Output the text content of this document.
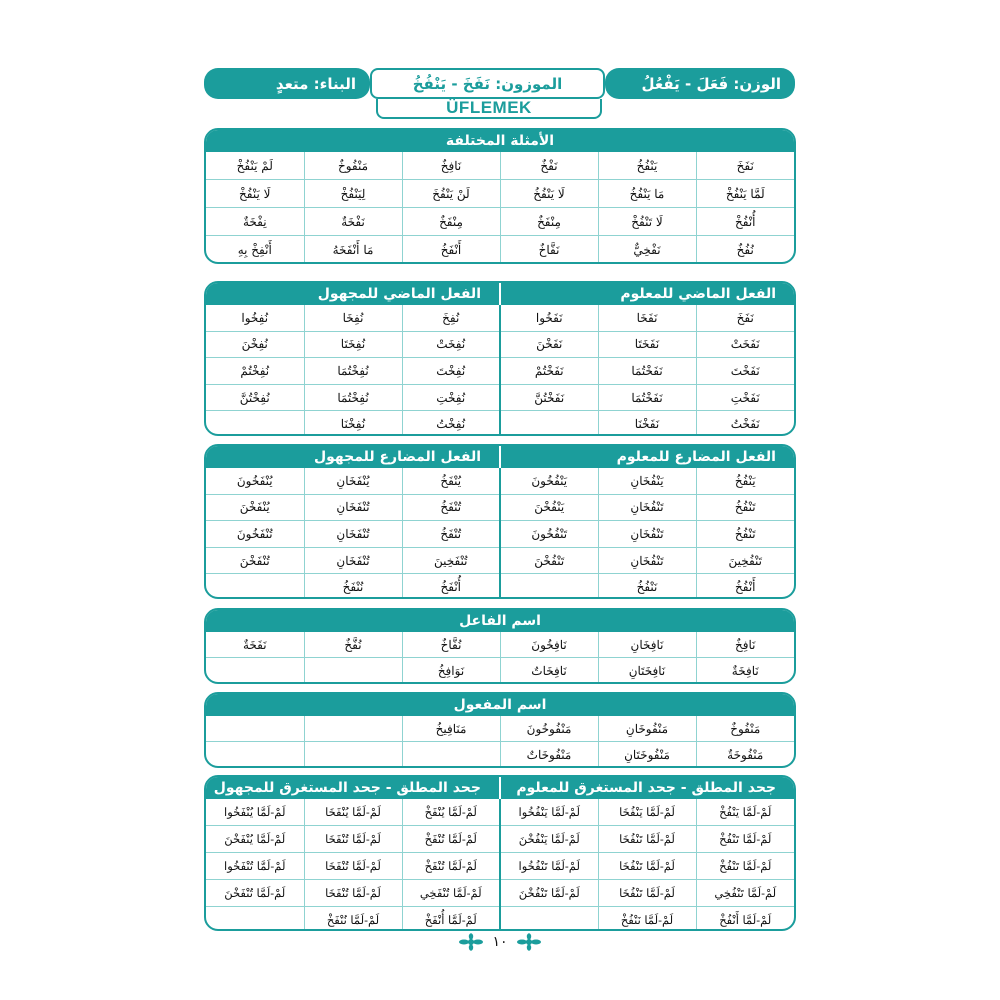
الوزن: فَعَلَ - يَفْعُلُ
الموزون: نَفَخَ - يَنْفُخُ
البناء: متعدٍ
ÜFLEMEK
الأمثلة المختلفة
نَفَخَ	يَنْفُخُ	نَفْخٌ	نَافِخٌ	مَنْفُوخٌ	لَمْ يَنْفُخْ
لَمَّا يَنْفُخْ	مَا يَنْفُخُ	لَا يَنْفُخُ	لَنْ يَنْفُخَ	لِيَنْفُخْ	لَا يَنْفُخْ
أُنْفُخْ	لَا تَنْفُخْ	مِنْفَخٌ	مِنْفَخٌ	نَفْخَةٌ	نِفْخَةٌ
نُفُخٌ	نَفْخِيٌّ	نَفَّاخٌ	أَنْفَخُ	مَا أَنْفَخَهُ	أَنْفِخْ بِهِ
الفعل الماضي للمعلوم
الفعل الماضي للمجهول
نَفَخَ	نَفَخَا	نَفَخُوا	نُفِخَ	نُفِخَا	نُفِخُوا
نَفَخَتْ	نَفَخَتَا	نَفَخْنَ	نُفِخَتْ	نُفِخَتَا	نُفِخْنَ
نَفَخْتَ	نَفَخْتُمَا	نَفَخْتُمْ	نُفِخْتَ	نُفِخْتُمَا	نُفِخْتُمْ
نَفَخْتِ	نَفَخْتُمَا	نَفَخْتُنَّ	نُفِخْتِ	نُفِخْتُمَا	نُفِخْتُنَّ
نَفَخْتُ	نَفَخْنَا		نُفِخْتُ	نُفِخْنَا	
الفعل المضارع للمعلوم
الفعل المضارع للمجهول
يَنْفُخُ	يَنْفُخَانِ	يَنْفُخُونَ	يُنْفَخُ	يُنْفَخَانِ	يُنْفَخُونَ
تَنْفُخُ	تَنْفُخَانِ	يَنْفُخْنَ	تُنْفَخُ	تُنْفَخَانِ	يُنْفَخْنَ
تَنْفُخُ	تَنْفُخَانِ	تَنْفُخُونَ	تُنْفَخُ	تُنْفَخَانِ	تُنْفَخُونَ
تَنْفُخِينَ	تَنْفُخَانِ	تَنْفُخْنَ	تُنْفَخِينَ	تُنْفَخَانِ	تُنْفَخْنَ
أَنْفُخُ	نَنْفُخُ		أُنْفَخُ	نُنْفَخُ	
اسم الفاعل
نَافِخٌ	نَافِخَانِ	نَافِخُونَ	نُفَّاخٌ	نُفَّخٌ	نَفَخَةٌ
نَافِخَةٌ	نَافِخَتَانِ	نَافِخَاتٌ	نَوَافِخُ		
اسم المفعول
مَنْفُوخٌ	مَنْفُوخَانِ	مَنْفُوخُونَ	مَنَافِيخُ		
مَنْفُوخَةٌ	مَنْفُوخَتَانِ	مَنْفُوخَاتٌ			
جحد المطلق - جحد المستغرق للمعلوم
جحد المطلق - جحد المستغرق للمجهول
لَمْ-لَمَّا يَنْفُخْ	لَمْ-لَمَّا يَنْفُخَا	لَمْ-لَمَّا يَنْفُخُوا	لَمْ-لَمَّا يُنْفَخْ	لَمْ-لَمَّا يُنْفَخَا	لَمْ-لَمَّا يُنْفَخُوا
لَمْ-لَمَّا تَنْفُخْ	لَمْ-لَمَّا تَنْفُخَا	لَمْ-لَمَّا يَنْفُخْنَ	لَمْ-لَمَّا تُنْفَخْ	لَمْ-لَمَّا تُنْفَخَا	لَمْ-لَمَّا يُنْفَخْنَ
لَمْ-لَمَّا تَنْفُخْ	لَمْ-لَمَّا تَنْفُخَا	لَمْ-لَمَّا تَنْفُخُوا	لَمْ-لَمَّا تُنْفَخْ	لَمْ-لَمَّا تُنْفَخَا	لَمْ-لَمَّا تُنْفَخُوا
لَمْ-لَمَّا تَنْفُخِي	لَمْ-لَمَّا تَنْفُخَا	لَمْ-لَمَّا تَنْفُخْنَ	لَمْ-لَمَّا تُنْفَخِي	لَمْ-لَمَّا تُنْفَخَا	لَمْ-لَمَّا تُنْفَخْنَ
لَمْ-لَمَّا أَنْفُخْ	لَمْ-لَمَّا نَنْفُخْ		لَمْ-لَمَّا أُنْفَخْ	لَمْ-لَمَّا نُنْفَخْ	
١٠
